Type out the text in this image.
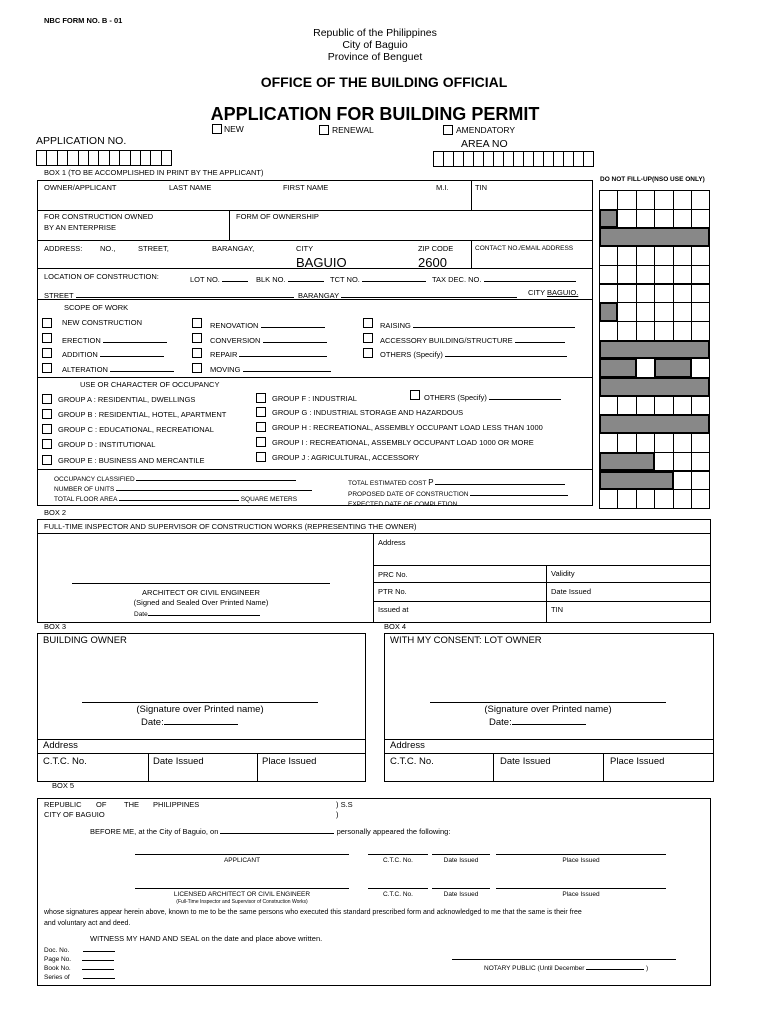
NBC FORM NO. B - 01
Republic of the Philippines
City of Baguio
Province of Benguet
OFFICE OF THE BUILDING OFFICIAL
APPLICATION FOR BUILDING PERMIT
NEW	RENEWAL	AMENDATORY
APPLICATION NO.	AREA NO
DO NOT FILL-UP(NSO USE ONLY)
BOX 1 (TO BE ACCOMPLISHED IN PRINT BY THE APPLICANT)
OWNER/APPLICANT	LAST NAME	FIRST NAME	M.I.	TIN
FOR CONSTRUCTION OWNED
BY AN ENTERPRISE
FORM OF OWNERSHIP
ADDRESS: NO.,	STREET,	BARANGAY,	CITY	ZIP CODE	CONTACT NO./EMAIL ADDRESS
BAGUIO	2600
LOCATION OF CONSTRUCTION:	LOT NO.	BLK NO.	TCT NO.	TAX DEC. NO.
STREET	BARANGAY	CITY BAGUIO.
SCOPE OF WORK
NEW CONSTRUCTION
ERECTION
ADDITION
ALTERATION
RENOVATION
CONVERSION
REPAIR
MOVING
RAISING
ACCESSORY BUILDING/STRUCTURE
OTHERS (Specify)
USE OR CHARACTER OF OCCUPANCY
GROUP A : RESIDENTIAL, DWELLINGS
GROUP B : RESIDENTIAL, HOTEL, APARTMENT
GROUP C : EDUCATIONAL, RECREATIONAL
GROUP D : INSTITUTIONAL
GROUP E : BUSINESS AND MERCANTILE
GROUP F : INDUSTRIAL
GROUP G : INDUSTRIAL STORAGE AND HAZARDOUS
GROUP H : RECREATIONAL, ASSEMBLY OCCUPANT LOAD LESS THAN 1000
GROUP I : RECREATIONAL, ASSEMBLY OCCUPANT LOAD 1000 OR MORE
GROUP J : AGRICULTURAL, ACCESSORY
OTHERS (Specify)
OCCUPANCY CLASSIFIED
NUMBER OF UNITS
TOTAL FLOOR AREA	SQUARE METERS
TOTAL ESTIMATED COST P
PROPOSED DATE OF CONSTRUCTION
EXPECTED DATE OF COMPLETION
BOX 2
FULL-TIME INSPECTOR AND SUPERVISOR OF CONSTRUCTION WORKS (REPRESENTING THE OWNER)
Address
PRC No.	Validity
PTR No.	Date Issued
Issued at	TIN
ARCHITECT OR CIVIL ENGINEER
(Signed and Sealed Over Printed Name)
Date
BOX 3
BUILDING OWNER
(Signature over Printed name)
Date:
Address
C.T.C. No.	Date Issued	Place Issued
BOX 4
WITH MY CONSENT: LOT OWNER
(Signature over Printed name)
Date:
Address
C.T.C. No.	Date Issued	Place Issued
BOX 5
REPUBLIC OF THE PHILIPPINES	) S.S
CITY OF BAGUIO	)
BEFORE ME, at the City of Baguio, on	personally appeared the following:
APPLICANT	C.T.C. No.	Date Issued	Place Issued
LICENSED ARCHITECT OR CIVIL ENGINEER
(Full-Time Inspector and Supervisor of Construction Works)
C.T.C. No.	Date Issued	Place Issued
whose signatures appear herein above, known to me to be the same persons who executed this standard prescribed form and acknowledged to me that the same is their free
and voluntary act and deed.
WITNESS MY HAND AND SEAL on the date and place above written.
Doc. No.
Page No.
Book No.
Series of
NOTARY PUBLIC (Until December	)
